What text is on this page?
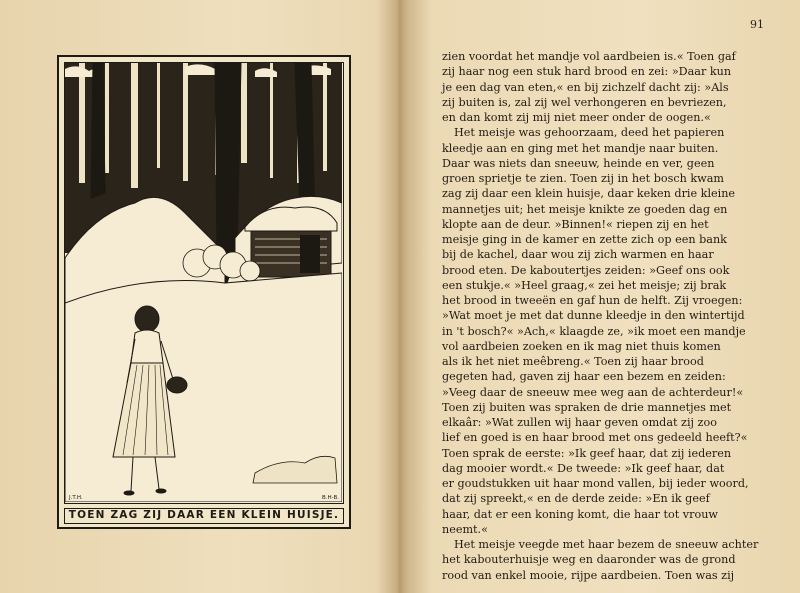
J.T.H.	B.H-B.
TOEN ZAG ZIJ DAAR EEN KLEIN HUISJE.
91
zien voordat het mandje vol aardbeien is.« Toen gaf
zij haar nog een stuk hard brood en zei: »Daar kun
je een dag van eten,« en bij zichzelf dacht zij: »Als
zij buiten is, zal zij wel verhongeren en bevriezen,
en dan komt zij mij niet meer onder de oogen.«
Het meisje was gehoorzaam, deed het papieren
kleedje aan en ging met het mandje naar buiten.
Daar was niets dan sneeuw, heinde en ver, geen
groen sprietje te zien. Toen zij in het bosch kwam
zag zij daar een klein huisje, daar keken drie kleine
mannetjes uit; het meisje knikte ze goeden dag en
klopte aan de deur. »Binnen!« riepen zij en het
meisje ging in de kamer en zette zich op een bank
bij de kachel, daar wou zij zich warmen en haar
brood eten. De kaboutertjes zeiden: »Geef ons ook
een stukje.« »Heel graag,« zei het meisje; zij brak
het brood in tweeën en gaf hun de helft. Zij vroegen:
»Wat moet je met dat dunne kleedje in den wintertijd
in 't bosch?« »Ach,« klaagde ze, »ik moet een mandje
vol aardbeien zoeken en ik mag niet thuis komen
als ik het niet meêbreng.« Toen zij haar brood
gegeten had, gaven zij haar een bezem en zeiden:
»Veeg daar de sneeuw mee weg aan de achterdeur!«
Toen zij buiten was spraken de drie mannetjes met
elkaâr: »Wat zullen wij haar geven omdat zij zoo
lief en goed is en haar brood met ons gedeeld heeft?«
Toen sprak de eerste: »Ik geef haar, dat zij iederen
dag mooier wordt.« De tweede: »Ik geef haar, dat
er goudstukken uit haar mond vallen, bij ieder woord,
dat zij spreekt,« en de derde zeide: »En ik geef
haar, dat er een koning komt, die haar tot vrouw
neemt.«
Het meisje veegde met haar bezem de sneeuw achter
het kabouterhuisje weg en daaronder was de grond
rood van enkel mooie, rijpe aardbeien. Toen was zij
